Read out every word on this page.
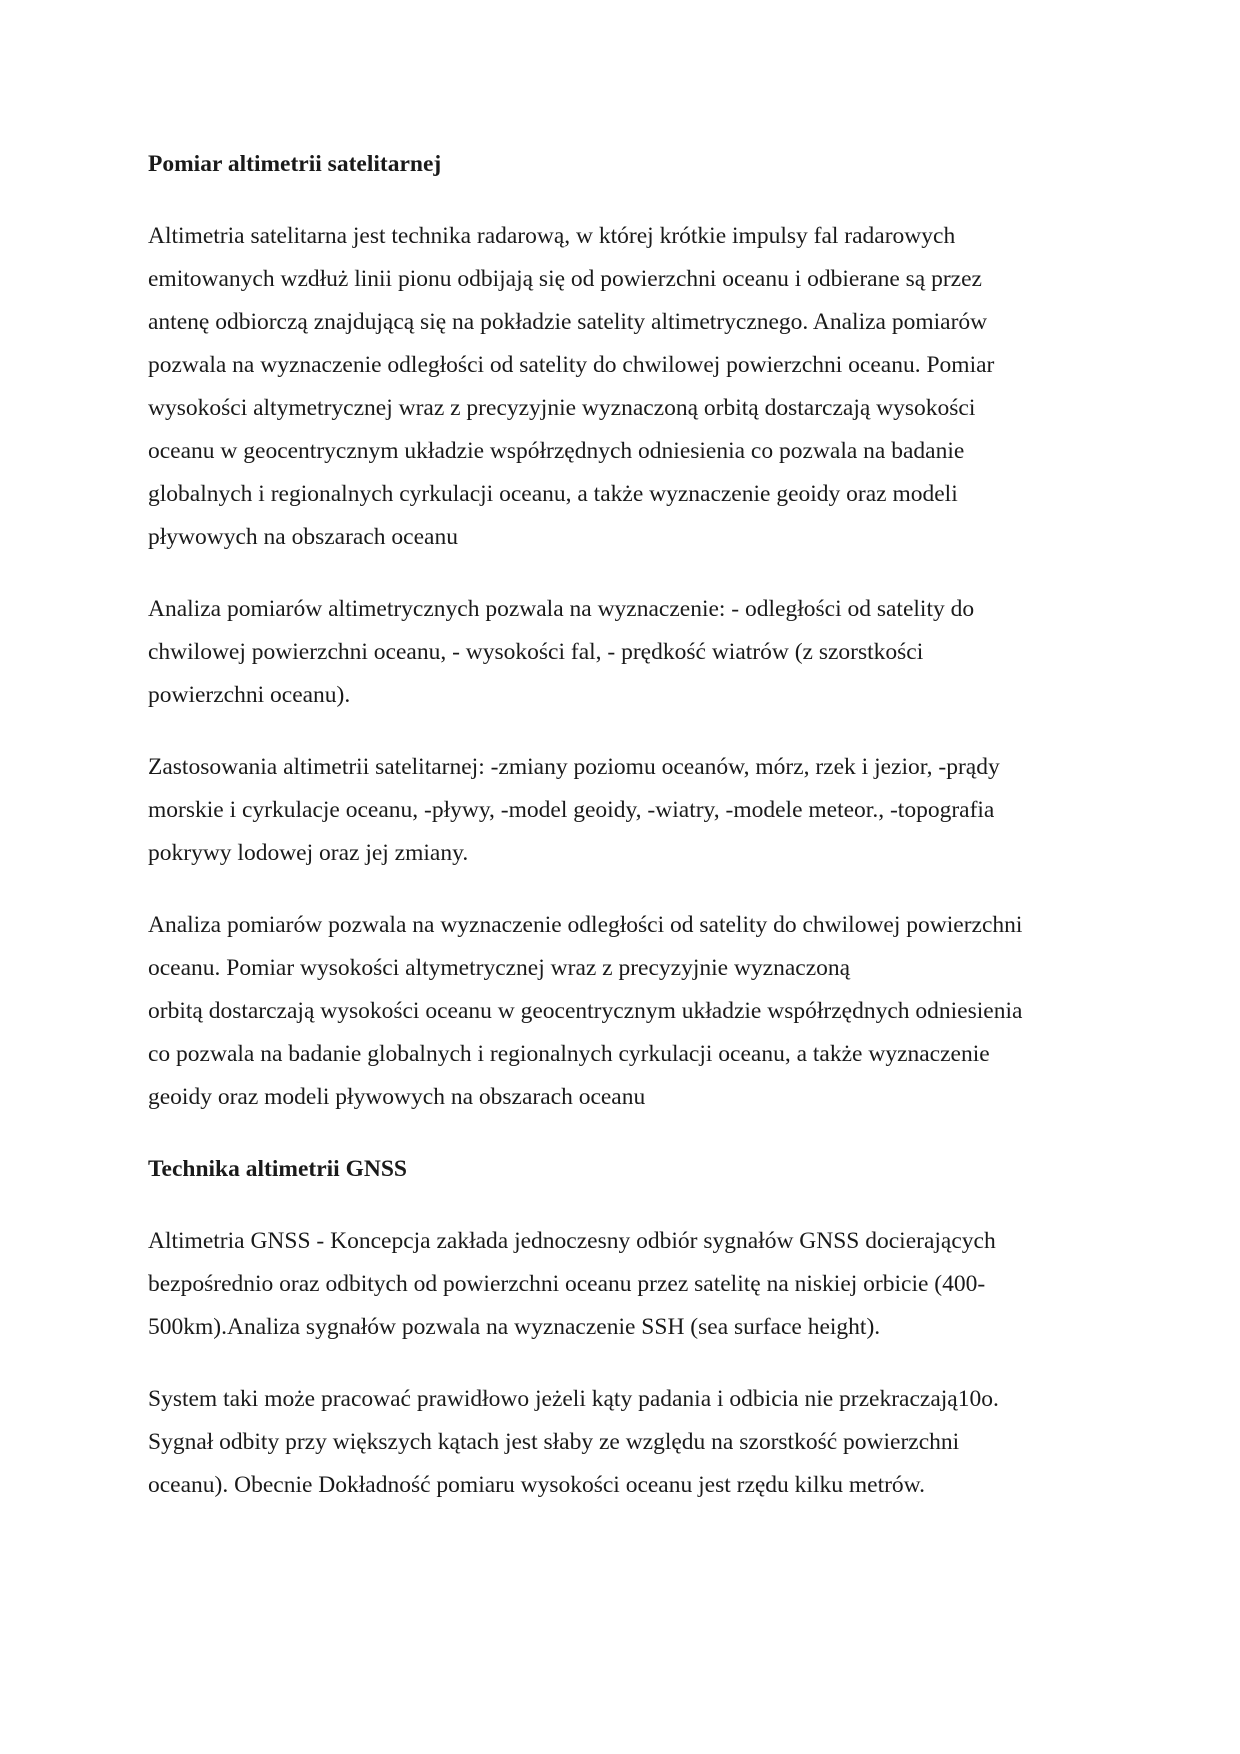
Pomiar altimetrii satelitarnej
Altimetria satelitarna jest technika radarową, w której krótkie impulsy fal radarowych
emitowanych wzdłuż linii pionu odbijają się od powierzchni oceanu i odbierane są przez
antenę odbiorczą znajdującą się na pokładzie satelity altimetrycznego. Analiza pomiarów
pozwala na wyznaczenie odległości od satelity do chwilowej powierzchni oceanu. Pomiar
wysokości altymetrycznej wraz z precyzyjnie wyznaczoną orbitą dostarczają wysokości
oceanu w geocentrycznym układzie współrzędnych odniesienia co pozwala na badanie
globalnych i regionalnych cyrkulacji oceanu, a także wyznaczenie geoidy oraz modeli
pływowych na obszarach oceanu
Analiza pomiarów altimetrycznych pozwala na wyznaczenie: - odległości od satelity do
chwilowej powierzchni oceanu, - wysokości fal, - prędkość wiatrów (z szorstkości
powierzchni oceanu).
Zastosowania altimetrii satelitarnej: -zmiany poziomu oceanów, mórz, rzek i jezior, -prądy
morskie i cyrkulacje oceanu, -pływy, -model geoidy, -wiatry, -modele meteor., -topografia
pokrywy lodowej oraz jej zmiany.
Analiza pomiarów pozwala na wyznaczenie odległości od satelity do chwilowej powierzchni
oceanu. Pomiar wysokości altymetrycznej wraz z precyzyjnie wyznaczoną
orbitą dostarczają wysokości oceanu w geocentrycznym układzie współrzędnych odniesienia
co pozwala na badanie globalnych i regionalnych cyrkulacji oceanu, a także wyznaczenie
geoidy oraz modeli pływowych na obszarach oceanu
Technika altimetrii GNSS
Altimetria GNSS - Koncepcja zakłada jednoczesny odbiór sygnałów GNSS docierających
bezpośrednio oraz odbitych od powierzchni oceanu przez satelitę na niskiej orbicie (400-
500km).Analiza sygnałów pozwala na wyznaczenie SSH (sea surface height).
System taki może pracować prawidłowo jeżeli kąty padania i odbicia nie przekraczają10o.
Sygnał odbity przy większych kątach jest słaby ze względu na szorstkość powierzchni
oceanu). Obecnie Dokładność pomiaru wysokości oceanu jest rzędu kilku metrów.
